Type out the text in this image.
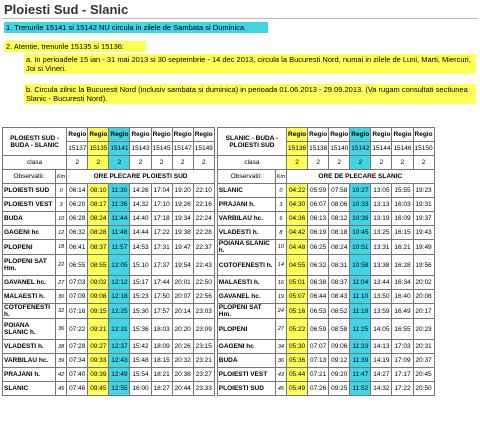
Ploiesti Sud - Slanic
1. Trenurile 15141 si 15142 NU circula in zilele de Sambata si Duminica.
2. Atentie, trenurile 15135 si 15136:
a. In perioadele 15 ian - 31 mai 2013 si 30 septembrie - 14 dec 2013, circula la Bucuresti Nord, numai in zilele de Luni, Marti, Miercuri, Joi si Vineri.
b. Circula zilnic la Bucuresti Nord (inclusiv sambata si duminica) in perioada 01.06.2013 - 29.09.2013. (Va rugam consultati sectiunea Slanic - Bucuresti Nord).
PLOIESTI SUD - BUDA - SLANIC		Regio	Regio	Regio	Regio	Regio	Regio	Regio		SLANIC - BUDA - PLOIESTI SUD		Regio	Regio	Regio	Regio	Regio	Regio	Regio
		15137	15135	15141	15143	15145	15147	15149				15136	15138	15140	15142	15144	15146	15150
clasa		2	2	2	2	2	2	2		clasa		2	2	2	2	2	2	2
Observatii:	Km	ORE PLECARE PLOIESTI SUD								Observatii:	Km	ORE DE PLECARE SLANIC						
PLOIESTI SUD	0	06:14	08:10	11:30	14:26	17:04	19:20	22:10		SLANIC	0	04:22	05:59	07:58	10:27	13:05	15:55	19:23
PLOIESTI VEST	3	06:20	08:17	11:36	14:32	17:10	19:26	22:16		PRAJANI h.	3	04:30	06:07	08:06	10:33	13:13	16:03	19:31
BUDA	10	06:28	08:24	11:44	14:40	17:18	19:34	22:24		VARBILAU hc.	6	04:36	06:13	08:12	10:39	13:19	16:09	19:37
GAGENI hc	12	06:32	08:28	11:48	14:44	17:22	19:38	22:28		VLADESTI h.	8	04:42	06:19	08:18	10:45	13:25	16:15	19:43
PLOPENI	18	06:41	08:37	11:57	14:53	17:31	19:47	22:37		POIANA SLANIC h.	10	04:48	06:25	08:24	10:51	13:31	16:21	19:49
PLOPENI SAT Hm.	22	06:55	08:55	12:05	15:10	17:37	19:54	22:43		COTOFENESTI h.	14	04:55	06:32	08:31	10:58	13:38	16:28	19:56
GAVANEL hc.	27	07:03	09:02	12:12	15:17	17:44	20:01	22:50		MALAESTI h.	16	05:01	06:38	08:37	11:04	13:44	16:34	20:02
MALAESTI h.	30	07:09	09:08	12:18	15:23	17:50	20:07	22:56		GAVANEL hc.	19	05:07	06:44	08:43	11:10	13:50	16:40	20:08
COTOFENESTI h.	32	07:16	09:15	12:25	15:30	17:57	20:14	23:03		PLOPENI SAT Hm.	24	05:16	06:53	08:52	11:19	13:59	16:49	20:17
POIANA SLANIC h.	36	07:22	09:21	12:31	15:36	18:03	20:20	23:09		PLOPENI	27	05:22	06:59	08:58	11:25	14:05	16:55	20:23
VLADESTI h.	38	07:28	09:27	12:37	15:42	18:09	20:26	23:15		GAGENI hc	34	05:30	07:07	09:06	11:33	14:13	17:03	20:31
VARBILAU hc.	39	07:34	09:33	12:43	15:48	18:15	20:32	23:21		BUDA	36	05:36	07:13	09:12	11:39	14:19	17:09	20:37
PRAJANI h.	42	07:40	09:39	12:49	15:54	18:21	20:38	23:27		PLOIESTI VEST	43	05:44	07:21	09:20	11:47	14:27	17:17	20:45
SLANIC	45	07:46	09:45	12:55	16:00	18:27	20:44	23:33		PLOIESTI SUD	45	05:49	07:26	09:25	11:52	14:32	17:22	20:50
